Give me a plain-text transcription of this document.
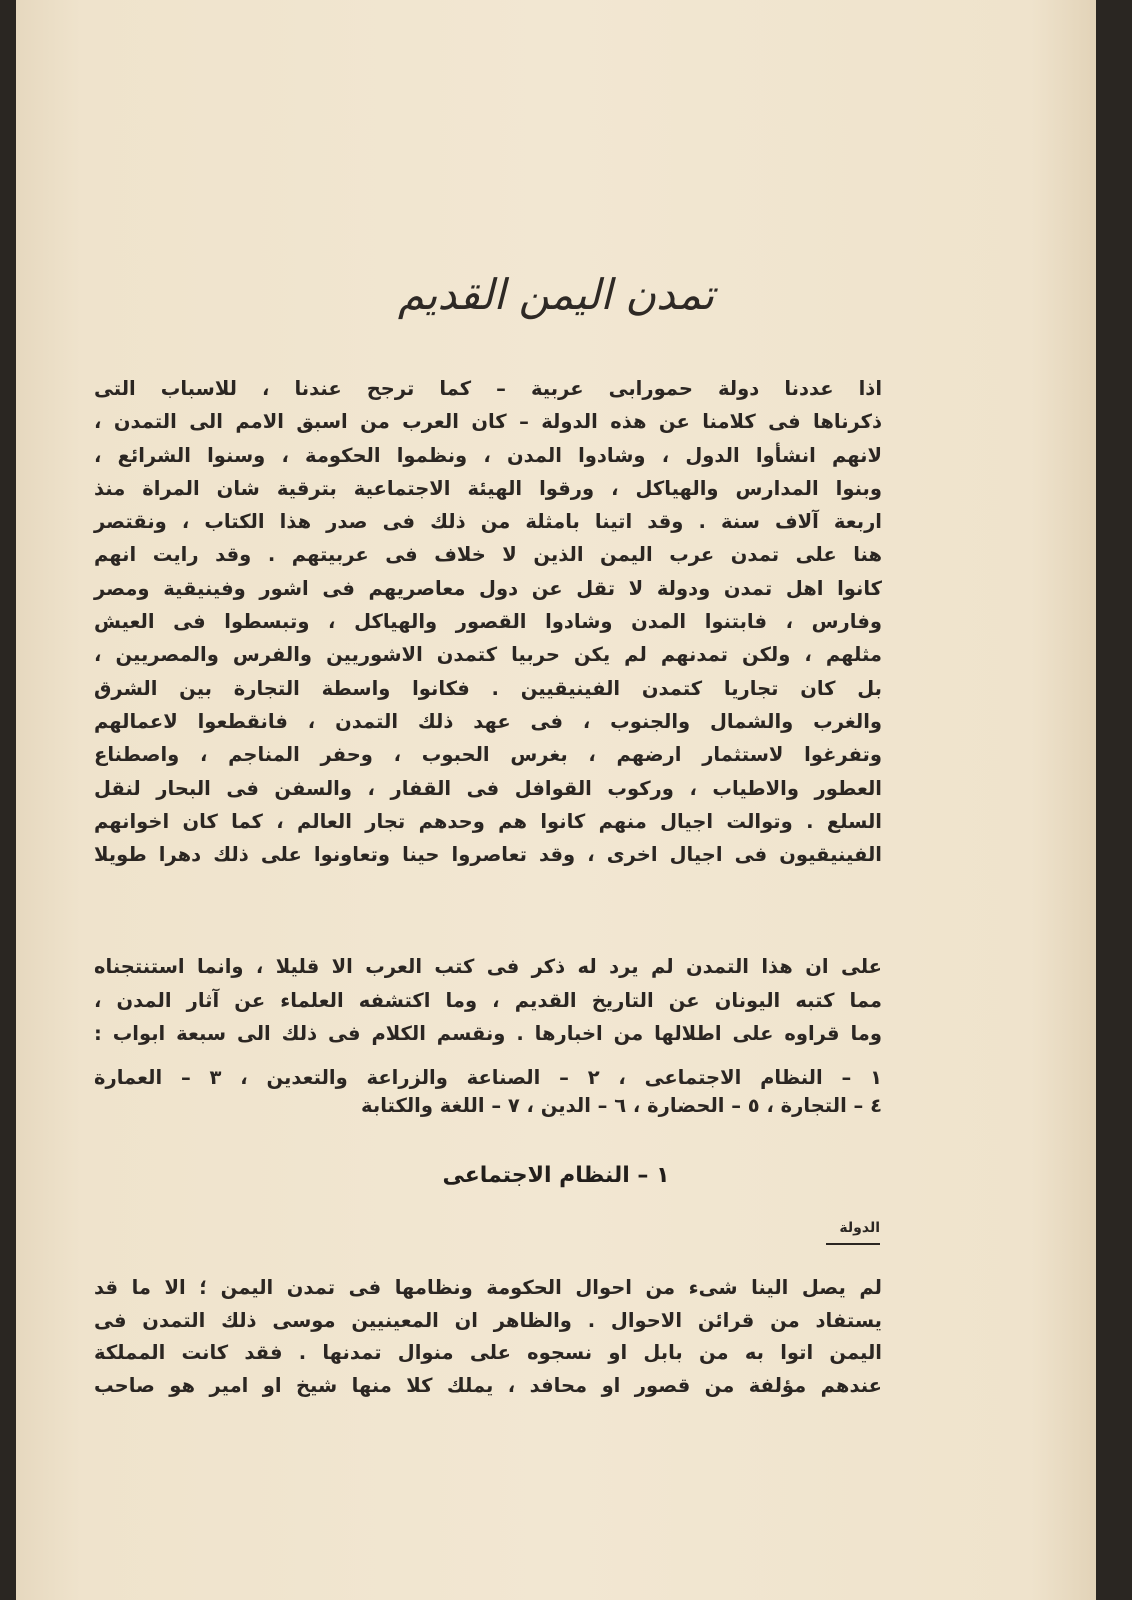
تمدن اليمن القديم
اذا عددنا دولة حمورابى عربية – كما ترجح عندنا ، للاسباب التى
ذكرناها فى كلامنا عن هذه الدولة – كان العرب من اسبق الامم الى التمدن ،
لانهم انشأوا الدول ، وشادوا المدن ، ونظموا الحكومة ، وسنوا الشرائع ،
وبنوا المدارس والهياكل ، ورقوا الهيئة الاجتماعية بترقية شان المراة منذ
اربعة آلاف سنة . وقد اتينا بامثلة من ذلك فى صدر هذا الكتاب ، ونقتصر
هنا على تمدن عرب اليمن الذين لا خلاف فى عربيتهم . وقد رايت انهم
كانوا اهل تمدن ودولة لا تقل عن دول معاصريهم فى اشور وفينيقية ومصر
وفارس ، فابتنوا المدن وشادوا القصور والهياكل ، وتبسطوا فى العيش
مثلهم ، ولكن تمدنهم لم يكن حربيا كتمدن الاشوريين والفرس والمصريين ،
بل كان تجاريا كتمدن الفينيقيين . فكانوا واسطة التجارة بين الشرق
والغرب والشمال والجنوب ، فى عهد ذلك التمدن ، فانقطعوا لاعمالهم
وتفرغوا لاستثمار ارضهم ، بغرس الحبوب ، وحفر المناجم ، واصطناع
العطور والاطياب ، وركوب القوافل فى القفار ، والسفن فى البحار لنقل
السلع . وتوالت اجيال منهم كانوا هم وحدهم تجار العالم ، كما كان اخوانهم
الفينيقيون فى اجيال اخرى ، وقد تعاصروا حينا وتعاونوا على ذلك دهرا طويلا
على ان هذا التمدن لم يرد له ذكر فى كتب العرب الا قليلا ، وانما استنتجناه
مما كتبه اليونان عن التاريخ القديم ، وما اكتشفه العلماء عن آثار المدن ،
وما قراوه على اطلالها من اخبارها . ونقسم الكلام فى ذلك الى سبعة ابواب :
١ – النظام الاجتماعى ، ٢ – الصناعة والزراعة والتعدين ، ٣ – العمارة
٤ – التجارة ، ٥ – الحضارة ، ٦ – الدين ، ٧ – اللغة والكتابة
١ – النظام الاجتماعى
الدولة
لم يصل الينا شىء من احوال الحكومة ونظامها فى تمدن اليمن ؛ الا ما قد
يستفاد من قرائن الاحوال . والظاهر ان المعينيين موسى ذلك التمدن فى
اليمن اتوا به من بابل او نسجوه على منوال تمدنها . فقد كانت المملكة
عندهم مؤلفة من قصور او محافد ، يملك كلا منها شيخ او امير هو صاحب
